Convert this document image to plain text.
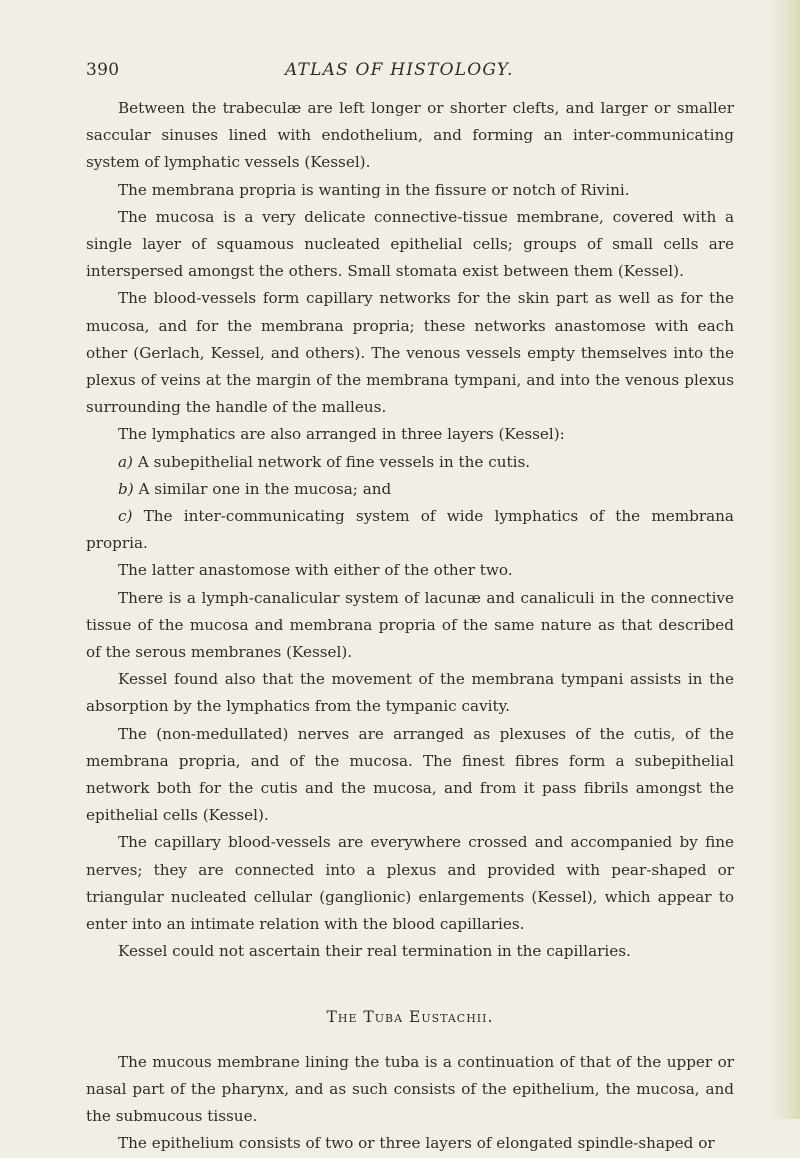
390	ATLAS OF HISTOLOGY.

Between the trabeculæ are left longer or shorter clefts, and larger or smaller saccular sinuses lined with endothelium, and forming an inter-communicating system of lymphatic vessels (Kessel).

The membrana propria is wanting in the fissure or notch of Rivini.

The mucosa is a very delicate connective-tissue membrane, covered with a single layer of squamous nucleated epithelial cells; groups of small cells are interspersed amongst the others. Small stomata exist between them (Kessel).

The blood-vessels form capillary networks for the skin part as well as for the mucosa, and for the membrana propria; these networks anastomose with each other (Gerlach, Kessel, and others). The venous vessels empty themselves into the plexus of veins at the margin of the membrana tympani, and into the venous plexus surrounding the handle of the malleus.

The lymphatics are also arranged in three layers (Kessel):

a) A subepithelial network of fine vessels in the cutis.

b) A similar one in the mucosa; and

c) The inter-communicating system of wide lymphatics of the membrana propria.

The latter anastomose with either of the other two.

There is a lymph-canalicular system of lacunæ and canaliculi in the connective tissue of the mucosa and membrana propria of the same nature as that described of the serous membranes (Kessel).

Kessel found also that the movement of the membrana tympani assists in the absorption by the lymphatics from the tympanic cavity.

The (non-medullated) nerves are arranged as plexuses of the cutis, of the membrana propria, and of the mucosa. The finest fibres form a subepithelial network both for the cutis and the mucosa, and from it pass fibrils amongst the epithelial cells (Kessel).

The capillary blood-vessels are everywhere crossed and accompanied by fine nerves; they are connected into a plexus and provided with pear-shaped or triangular nucleated cellular (ganglionic) enlargements (Kessel), which appear to enter into an intimate relation with the blood capillaries.

Kessel could not ascertain their real termination in the capillaries.

The Tuba Eustachii.

The mucous membrane lining the tuba is a continuation of that of the upper or nasal part of the pharynx, and as such consists of the epithelium, the mucosa, and the submucous tissue.

The epithelium consists of two or three layers of elongated spindle-shaped or
